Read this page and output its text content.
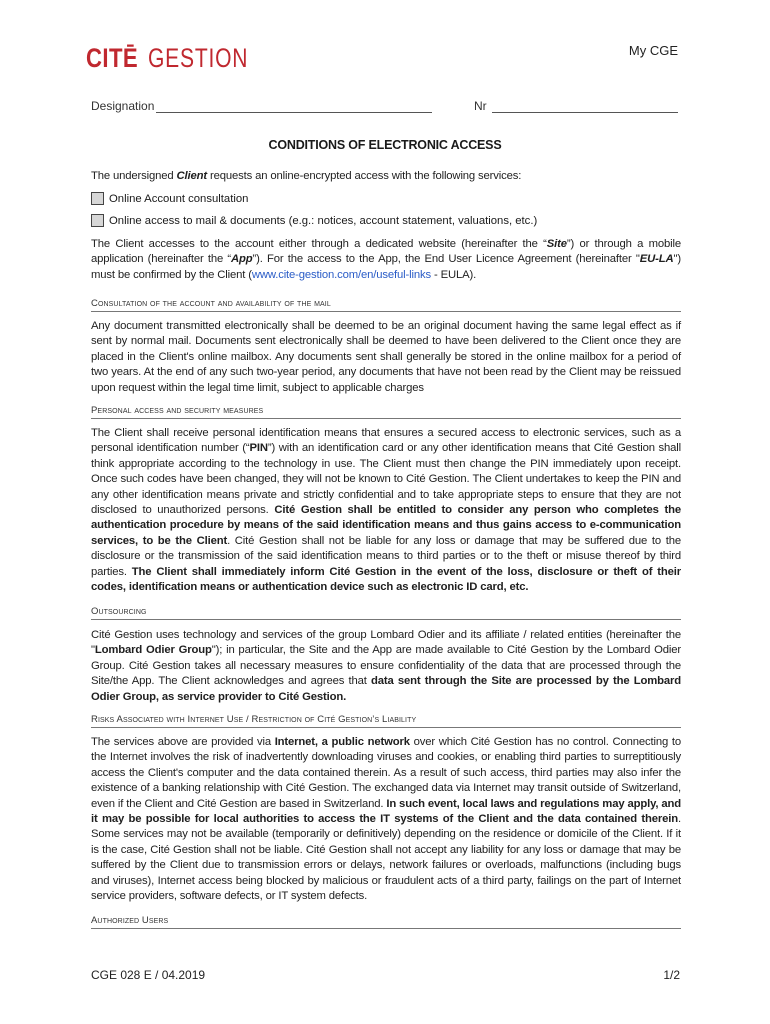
CITĒ GESTION	My CGE
Designation	Nr
CONDITIONS OF ELECTRONIC ACCESS
The undersigned Client requests an online-encrypted access with the following services:
Online Account consultation
Online access to mail & documents (e.g.: notices, account statement, valuations, etc.)
The Client accesses to the account either through a dedicated website (hereinafter the “Site”) or through a mobile application (hereinafter the “App”). For the access to the App, the End User Licence Agreement (hereinafter "EU-LA") must be confirmed by the Client (www.cite-gestion.com/en/useful-links - EULA).
Consultation of the account and availability of the mail
Any document transmitted electronically shall be deemed to be an original document having the same legal effect as if sent by normal mail. Documents sent electronically shall be deemed to have been delivered to the Client once they are placed in the Client's online mailbox. Any documents sent shall generally be stored in the online mailbox for a period of two years. At the end of any such two-year period, any documents that have not been read by the Client may be reissued upon request within the legal time limit, subject to applicable charges
Personal access and security measures
The Client shall receive personal identification means that ensures a secured access to electronic services, such as a personal identification number (“PIN”) with an identification card or any other identification means that Cité Gestion shall think appropriate according to the technology in use. The Client must then change the PIN immediately upon receipt. Once such codes have been changed, they will not be known to Cité Gestion. The Client undertakes to keep the PIN and any other identification means private and strictly confidential and to take appropriate steps to ensure that they are not disclosed to unauthorized persons. Cité Gestion shall be entitled to consider any person who completes the authentication procedure by means of the said identification means and thus gains access to e-communication services, to be the Client. Cité Gestion shall not be liable for any loss or damage that may be suffered due to the disclosure or the transmission of the said identification means to third parties or to the theft or misuse thereof by third parties. The Client shall immediately inform Cité Gestion in the event of the loss, disclosure or theft of their codes, identification means or authentication device such as electronic ID card, etc.
Outsourcing
Cité Gestion uses technology and services of the group Lombard Odier and its affiliate / related entities (hereinafter the "Lombard Odier Group"); in particular, the Site and the App are made available to Cité Gestion by the Lombard Odier Group. Cité Gestion takes all necessary measures to ensure confidentiality of the data that are processed through the Site/the App. The Client acknowledges and agrees that data sent through the Site are processed by the Lombard Odier Group, as service provider to Cité Gestion.
Risks Associated with Internet Use / Restriction of Cité Gestion’s Liability
The services above are provided via Internet, a public network over which Cité Gestion has no control. Connecting to the Internet involves the risk of inadvertently downloading viruses and cookies, or enabling third parties to surreptitiously access the Client's computer and the data contained therein. As a result of such access, third parties may also infer the existence of a banking relationship with Cité Gestion. The exchanged data via Internet may transit outside of Switzerland, even if the Client and Cité Gestion are based in Switzerland. In such event, local laws and regulations may apply, and it may be possible for local authorities to access the IT systems of the Client and the data contained therein. Some services may not be available (temporarily or definitively) depending on the residence or domicile of the Client. If it is the case, Cité Gestion shall not be liable. Cité Gestion shall not accept any liability for any loss or damage that may be suffered by the Client due to transmission errors or delays, network failures or overloads, malfunctions (including bugs and viruses), Internet access being blocked by malicious or fraudulent acts of a third party, failings on the part of Internet service providers, software defects, or IT system defects.
Authorized Users
CGE 028 E / 04.2019	1/2
